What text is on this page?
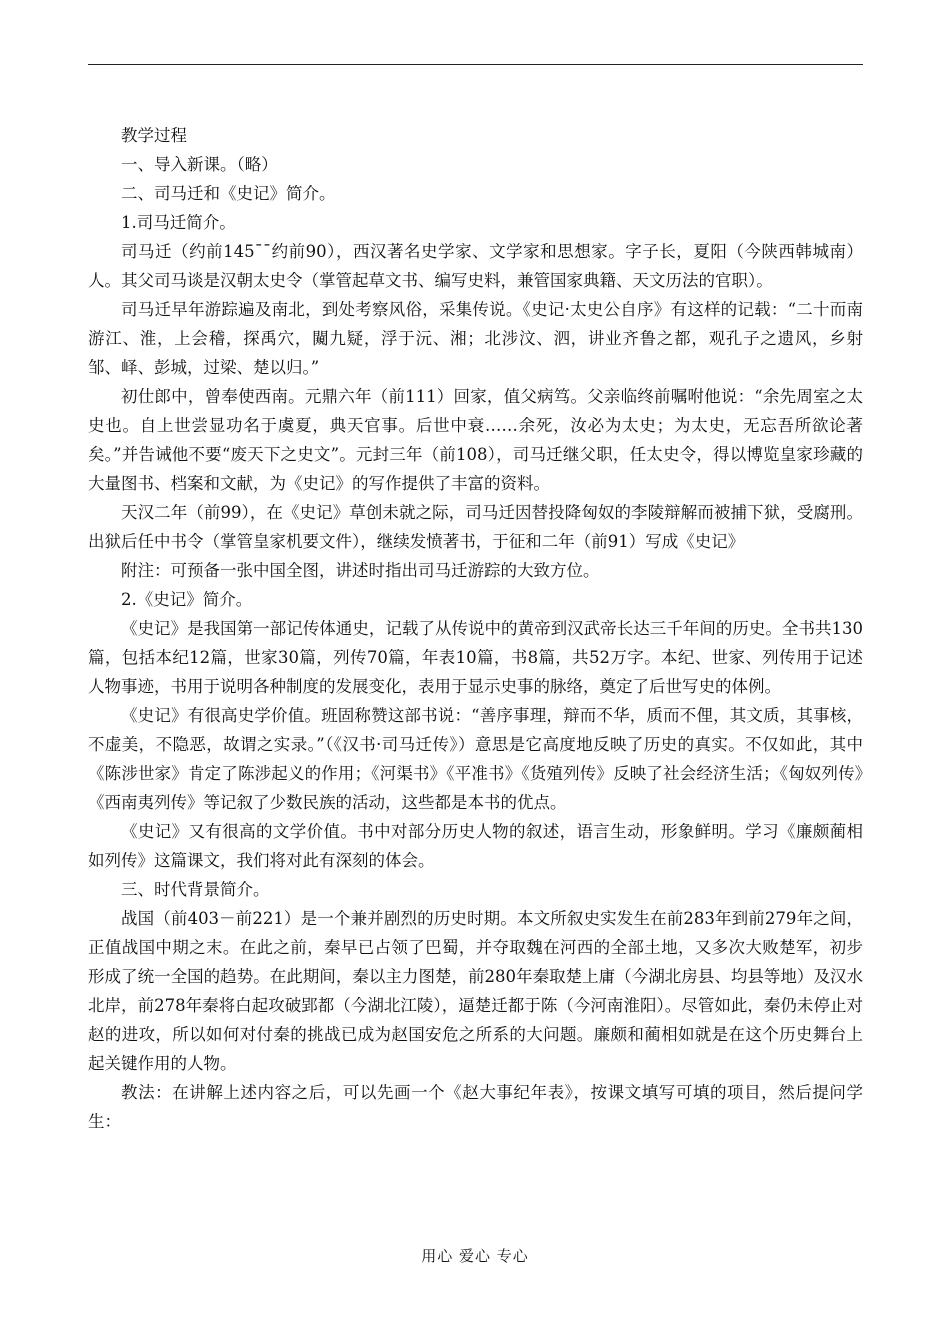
教学过程

一、导入新课。（略）

二、司马迁和《史记》简介。

1.司马迁简介。

司马迁（约前145¯¯约前90），西汉著名史学家、文学家和思想家。字子长，夏阳（今陕西韩城南）人。其父司马谈是汉朝太史令（掌管起草文书、编写史料，兼管国家典籍、天文历法的官职）。

司马迁早年游踪遍及南北，到处考察风俗，采集传说。《史记·太史公自序》有这样的记载：“二十而南游江、淮，上会稽，探禹穴，闚九疑，浮于沅、湘；北涉汶、泗，讲业齐鲁之都，观孔子之遗风，乡射邹、峄、彭城，过梁、楚以归。”

初仕郎中，曾奉使西南。元鼎六年（前111）回家，值父病笃。父亲临终前嘱咐他说：“余先周室之太史也。自上世尝显功名于虞夏，典天官事。后世中衰……余死，汝必为太史；为太史，无忘吾所欲论著矣。”并告诫他不要“废天下之史文”。元封三年（前108），司马迁继父职，任太史令，得以博览皇家珍藏的大量图书、档案和文献，为《史记》的写作提供了丰富的资料。

天汉二年（前99），在《史记》草创未就之际，司马迁因替投降匈奴的李陵辩解而被捕下狱，受腐刑。出狱后任中书令（掌管皇家机要文件），继续发愤著书，于征和二年（前91）写成《史记》

附注：可预备一张中国全图，讲述时指出司马迁游踪的大致方位。

2.《史记》简介。

《史记》是我国第一部记传体通史，记载了从传说中的黄帝到汉武帝长达三千年间的历史。全书共130篇，包括本纪12篇，世家30篇，列传70篇，年表10篇，书8篇，共52万字。本纪、世家、列传用于记述人物事迹，书用于说明各种制度的发展变化，表用于显示史事的脉络，奠定了后世写史的体例。

《史记》有很高史学价值。班固称赞这部书说：“善序事理，辩而不华，质而不俚，其文质，其事核，不虚美，不隐恶，故谓之实录。”（《汉书·司马迁传》）意思是它高度地反映了历史的真实。不仅如此，其中《陈涉世家》肯定了陈涉起义的作用；《河渠书》《平准书》《货殖列传》反映了社会经济生活；《匈奴列传》《西南夷列传》等记叙了少数民族的活动，这些都是本书的优点。

《史记》又有很高的文学价值。书中对部分历史人物的叙述，语言生动，形象鲜明。学习《廉颇蔺相如列传》这篇课文，我们将对此有深刻的体会。

三、时代背景简介。

战国（前403－前221）是一个兼并剧烈的历史时期。本文所叙史实发生在前283年到前279年之间，正值战国中期之末。在此之前，秦早已占领了巴蜀，并夺取魏在河西的全部土地，又多次大败楚军，初步形成了统一全国的趋势。在此期间，秦以主力图楚，前280年秦取楚上庸（今湖北房县、均县等地）及汉水北岸，前278年秦将白起攻破郢都（今湖北江陵），逼楚迁都于陈（今河南淮阳）。尽管如此，秦仍未停止对赵的进攻，所以如何对付秦的挑战已成为赵国安危之所系的大问题。廉颇和蔺相如就是在这个历史舞台上起关键作用的人物。

教法：在讲解上述内容之后，可以先画一个《赵大事纪年表》，按课文填写可填的项目，然后提问学生：

用心 爱心 专心
